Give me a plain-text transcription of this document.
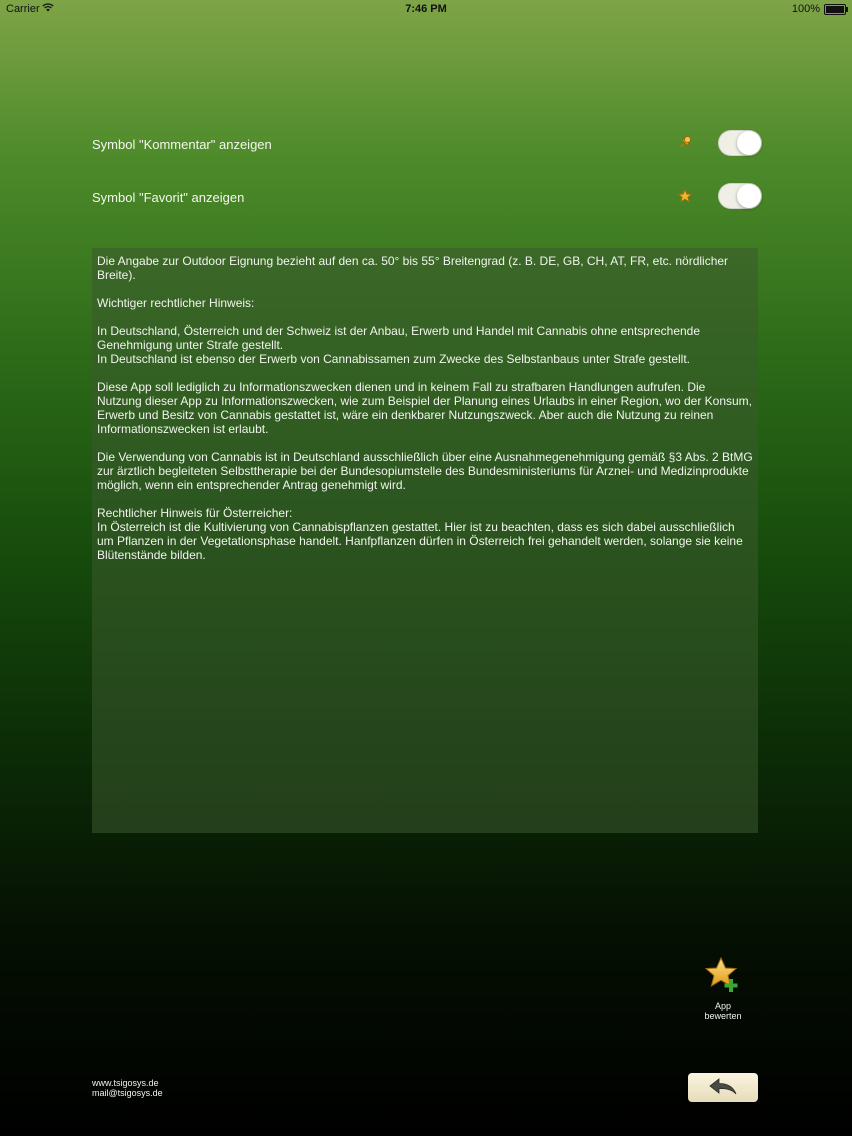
Carrier	7:46 PM	100%
Symbol "Kommentar" anzeigen
Symbol "Favorit" anzeigen

Die Angabe zur Outdoor Eignung bezieht auf den ca. 50° bis 55° Breitengrad (z. B. DE, GB, CH, AT, FR, etc. nördlicher Breite).

Wichtiger rechtlicher Hinweis:

In Deutschland, Österreich und der Schweiz ist der Anbau, Erwerb und Handel mit Cannabis ohne entsprechende Genehmigung unter Strafe gestellt.
In Deutschland ist ebenso der Erwerb von Cannabissamen zum Zwecke des Selbstanbaus unter Strafe gestellt.

Diese App soll lediglich zu Informationszwecken dienen und in keinem Fall zu strafbaren Handlungen aufrufen. Die Nutzung dieser App zu Informationszwecken, wie zum Beispiel der Planung eines Urlaubs in einer Region, wo der Konsum, Erwerb und Besitz von Cannabis gestattet ist, wäre ein denkbarer Nutzungszweck. Aber auch die Nutzung zu reinen Informationszwecken ist erlaubt.

Die Verwendung von Cannabis ist in Deutschland ausschließlich über eine Ausnahmegenehmigung gemäß §3 Abs. 2 BtMG zur ärztlich begleiteten Selbsttherapie bei der Bundesopiumstelle des Bundesministeriums für Arznei- und Medizinprodukte möglich, wenn ein entsprechender Antrag genehmigt wird.

Rechtlicher Hinweis für Österreicher:
In Österreich ist die Kultivierung von Cannabispflanzen gestattet. Hier ist zu beachten, dass es sich dabei ausschließlich um Pflanzen in der Vegetationsphase handelt. Hanfpflanzen dürfen in Österreich frei gehandelt werden, solange sie keine Blütenstände bilden.

App
bewerten
www.tsigosys.de
mail@tsigosys.de
